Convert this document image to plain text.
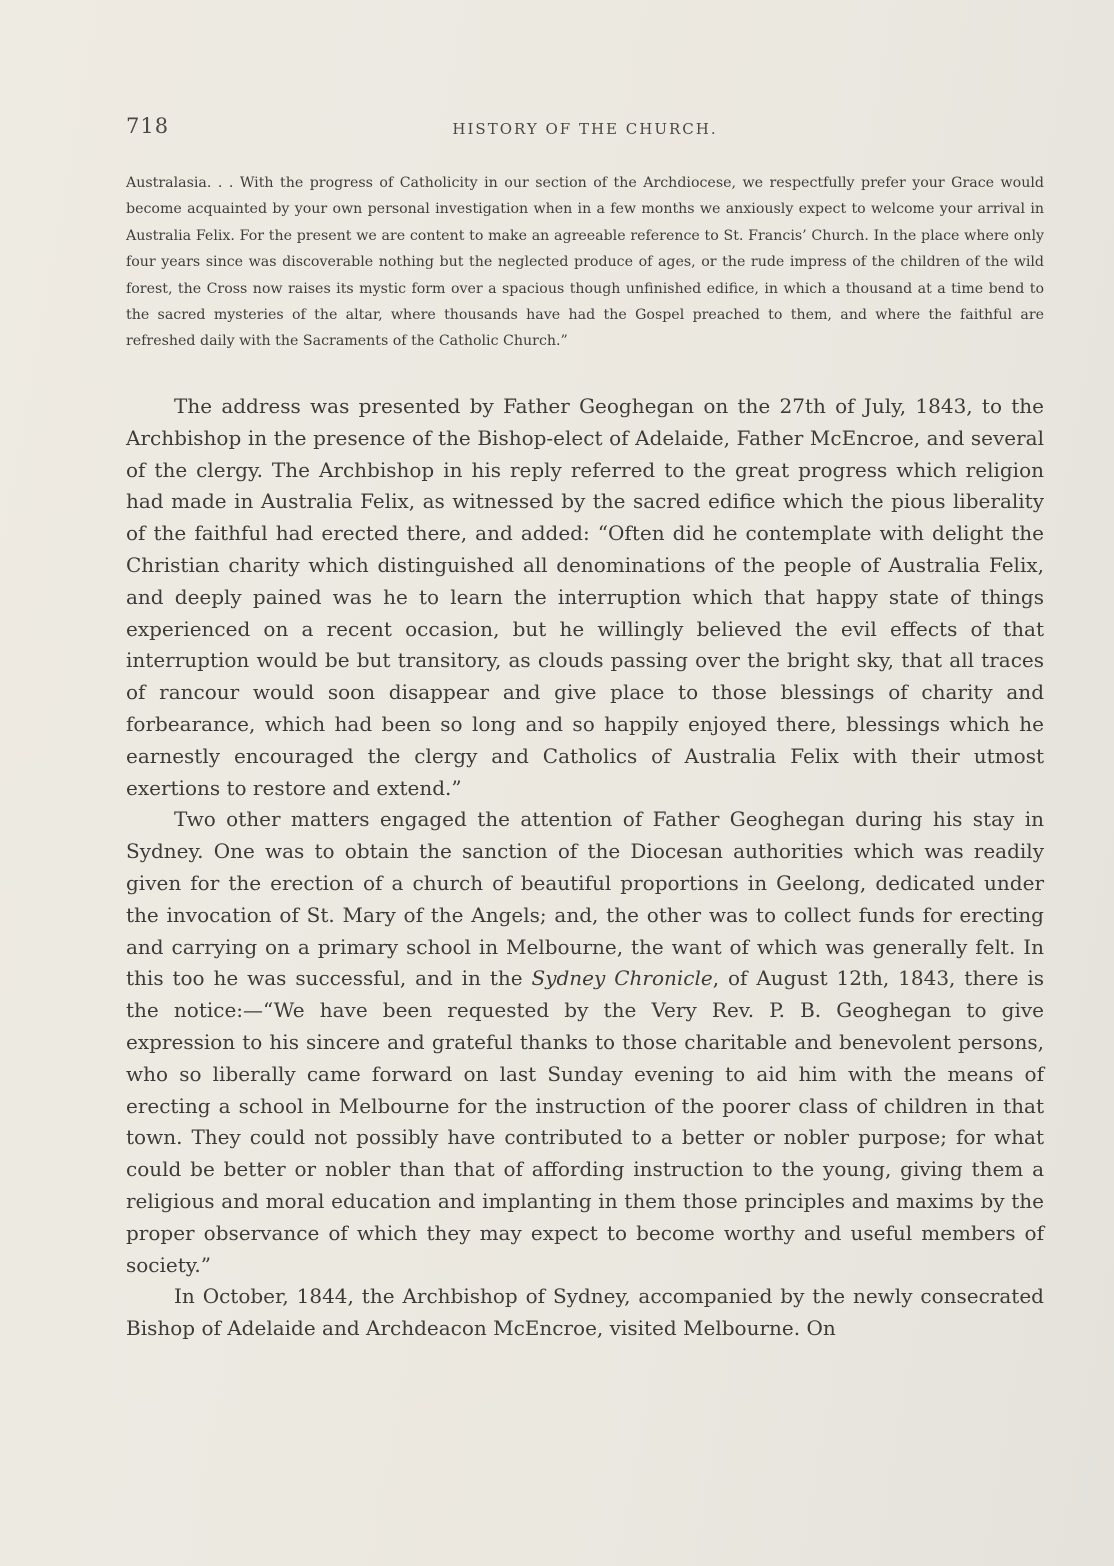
718	HISTORY OF THE CHURCH.
Australasia. . . With the progress of Catholicity in our section of the Archdiocese, we respectfully prefer your Grace would become acquainted by your own personal investigation when in a few months we anxiously expect to welcome your arrival in Australia Felix. For the present we are content to make an agreeable reference to St. Francis’ Church. In the place where only four years since was discoverable nothing but the neglected produce of ages, or the rude impress of the children of the wild forest, the Cross now raises its mystic form over a spacious though unfinished edifice, in which a thousand at a time bend to the sacred mysteries of the altar, where thousands have had the Gospel preached to them, and where the faithful are refreshed daily with the Sacraments of the Catholic Church.”

The address was presented by Father Geoghegan on the 27th of July, 1843, to the Archbishop in the presence of the Bishop-elect of Adelaide, Father McEncroe, and several of the clergy. The Archbishop in his reply referred to the great progress which religion had made in Australia Felix, as witnessed by the sacred edifice which the pious liberality of the faithful had erected there, and added: “Often did he contemplate with delight the Christian charity which distinguished all denominations of the people of Australia Felix, and deeply pained was he to learn the interruption which that happy state of things experienced on a recent occasion, but he willingly believed the evil effects of that interruption would be but transitory, as clouds passing over the bright sky, that all traces of rancour would soon disappear and give place to those blessings of charity and forbearance, which had been so long and so happily enjoyed there, blessings which he earnestly encouraged the clergy and Catholics of Australia Felix with their utmost exertions to restore and extend.”

Two other matters engaged the attention of Father Geoghegan during his stay in Sydney. One was to obtain the sanction of the Diocesan authorities which was readily given for the erection of a church of beautiful proportions in Geelong, dedicated under the invocation of St. Mary of the Angels; and, the other was to collect funds for erecting and carrying on a primary school in Melbourne, the want of which was generally felt. In this too he was successful, and in the Sydney Chronicle, of August 12th, 1843, there is the notice:—“We have been requested by the Very Rev. P. B. Geoghegan to give expression to his sincere and grateful thanks to those charitable and benevolent persons, who so liberally came forward on last Sunday evening to aid him with the means of erecting a school in Melbourne for the instruction of the poorer class of children in that town. They could not possibly have contributed to a better or nobler purpose; for what could be better or nobler than that of affording instruction to the young, giving them a religious and moral education and implanting in them those principles and maxims by the proper observance of which they may expect to become worthy and useful members of society.”

In October, 1844, the Archbishop of Sydney, accompanied by the newly consecrated Bishop of Adelaide and Archdeacon McEncroe, visited Melbourne. On
